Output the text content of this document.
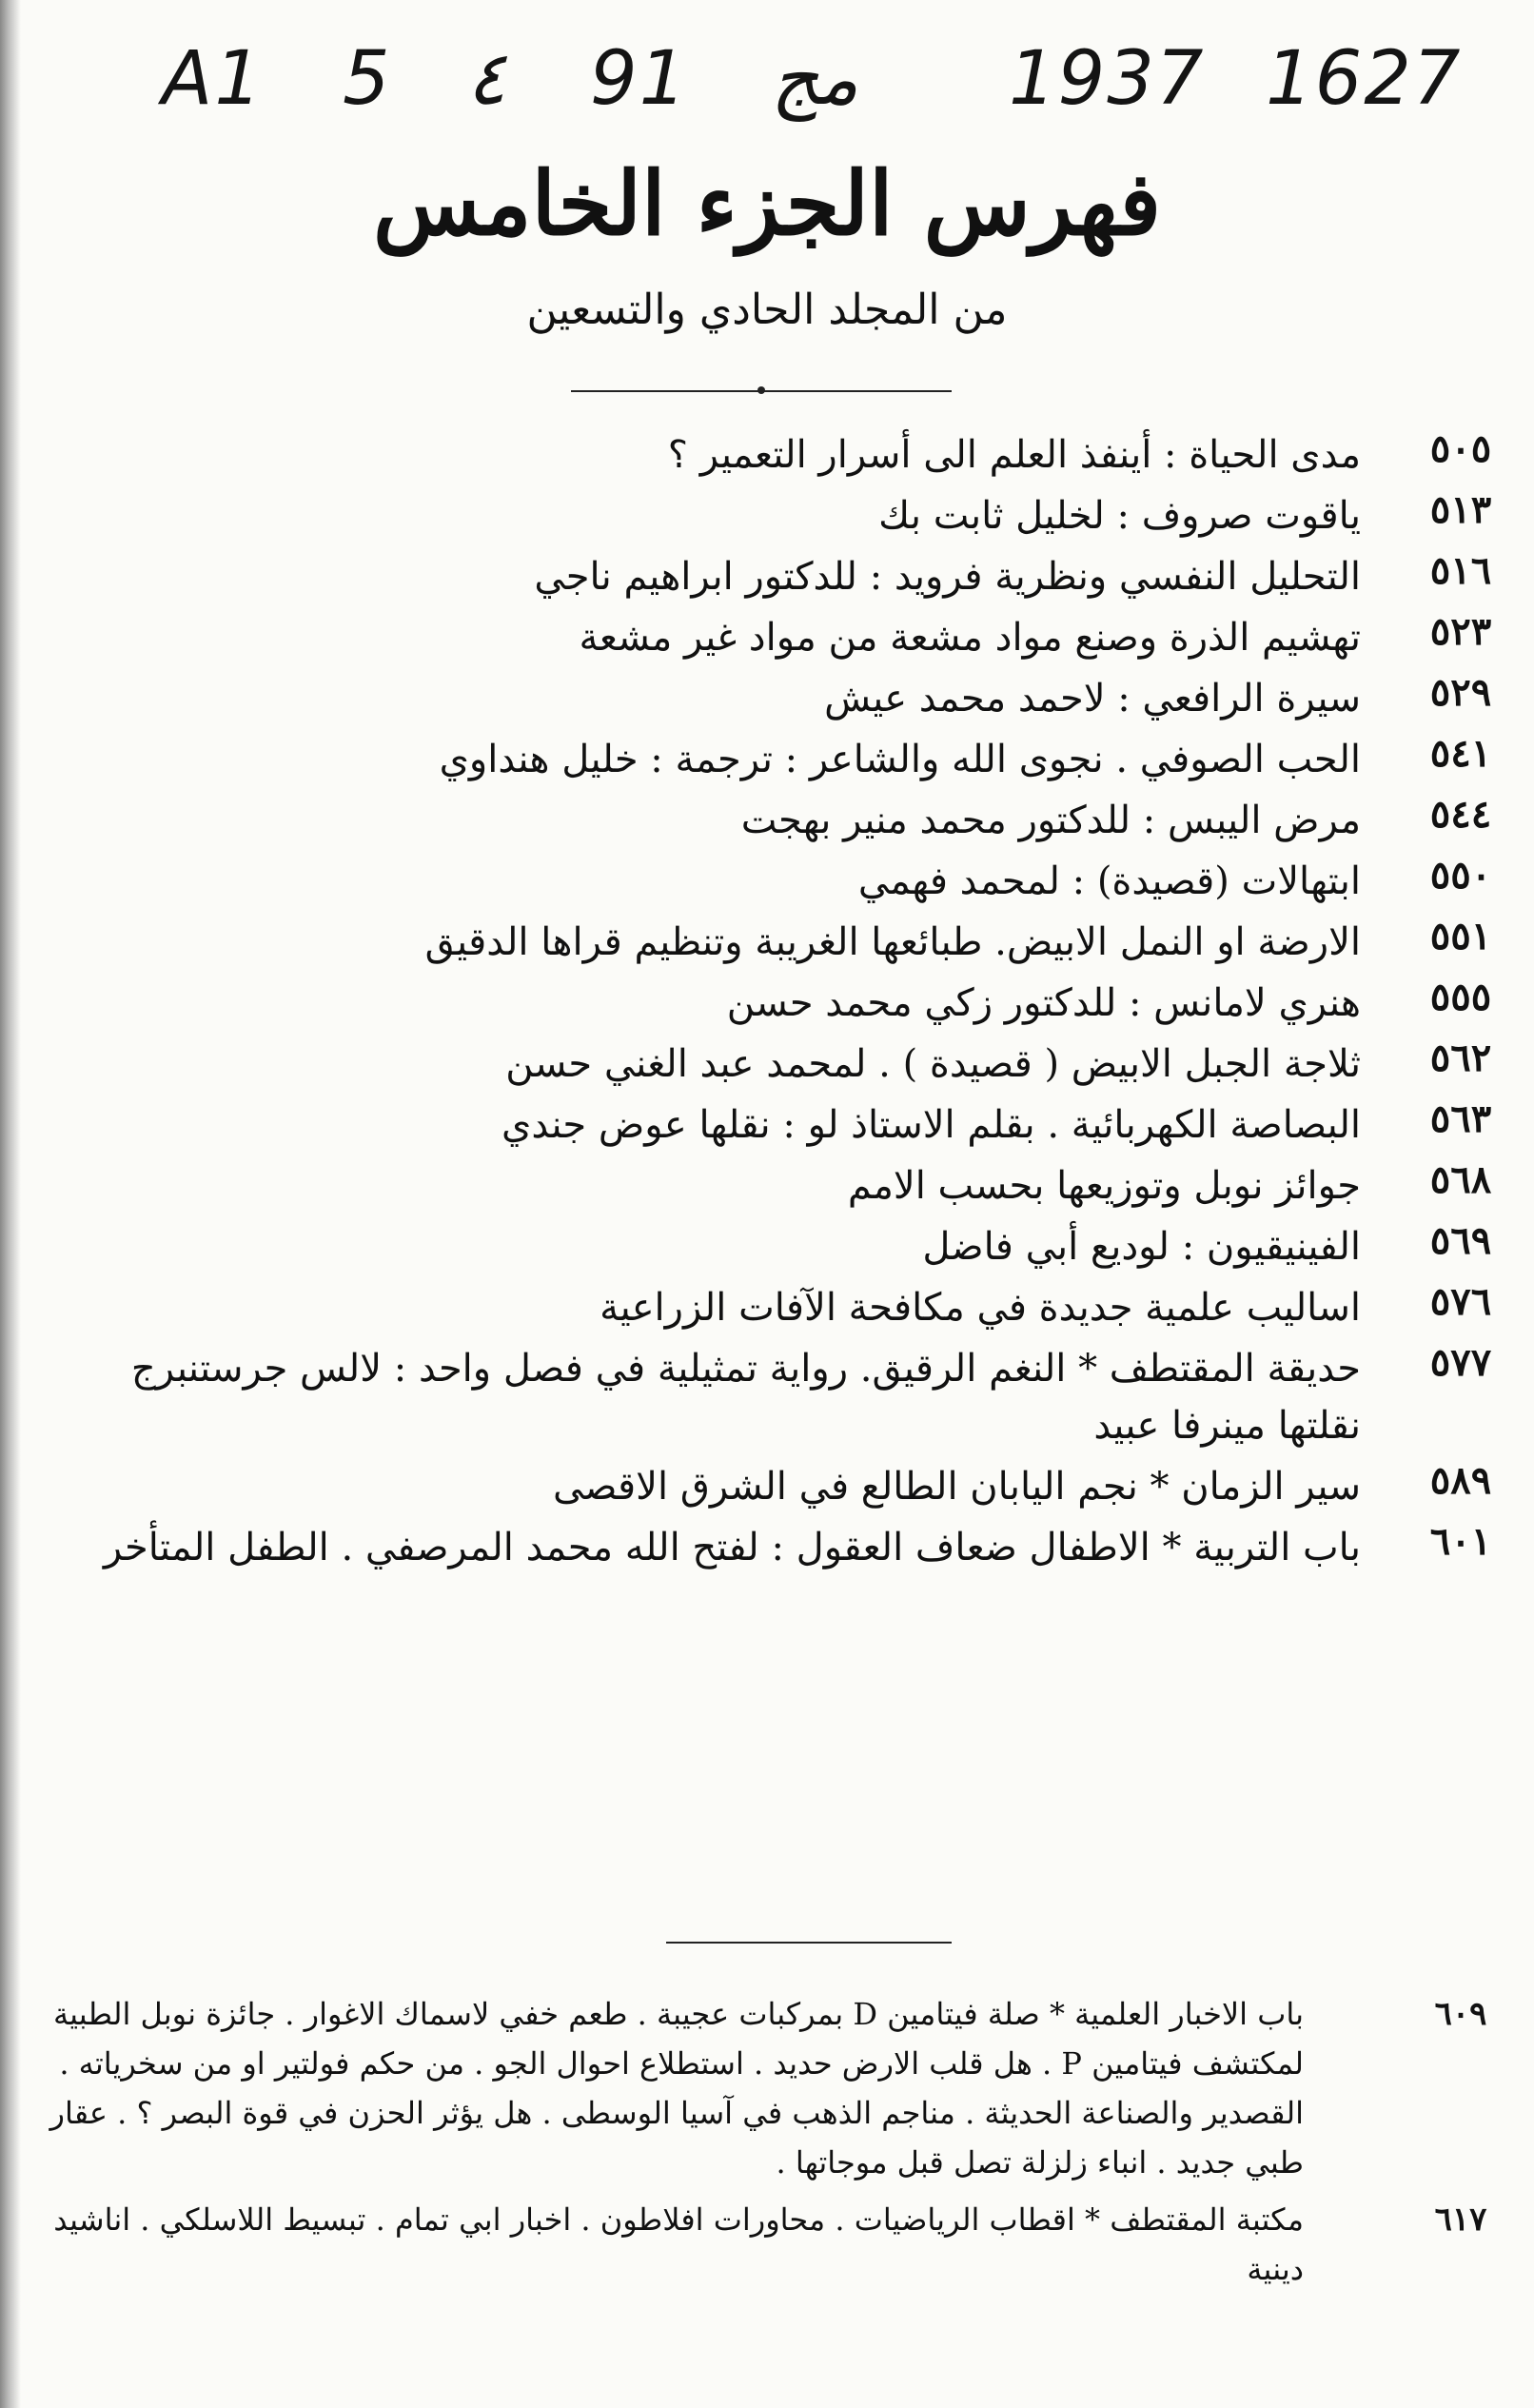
A1 5 ٤ 91 مج 1937 1627
فهرس الجزء الخامس
من المجلد الحادي والتسعين
٥٠٥
مدى الحياة : أينفذ العلم الى أسرار التعمير ؟
٥١٣
ياقوت صروف : لخليل ثابت بك
٥١٦
التحليل النفسي ونظرية فرويد : للدكتور ابراهيم ناجي
٥٢٣
تهشيم الذرة وصنع مواد مشعة من مواد غير مشعة
٥٢٩
سيرة الرافعي : لاحمد محمد عيش
٥٤١
الحب الصوفي . نجوى الله والشاعر : ترجمة : خليل هنداوي
٥٤٤
مرض اليبس : للدكتور محمد منير بهجت
٥٥٠
ابتهالات (قصيدة) : لمحمد فهمي
٥٥١
الارضة او النمل الابيض. طبائعها الغريبة وتنظيم قراها الدقيق
٥٥٥
هنري لامانس : للدكتور زكي محمد حسن
٥٦٢
ثلاجة الجبل الابيض ( قصيدة ) . لمحمد عبد الغني حسن
٥٦٣
البصاصة الكهربائية . بقلم الاستاذ لو : نقلها عوض جندي
٥٦٨
جوائز نوبل وتوزيعها بحسب الامم
٥٦٩
الفينيقيون : لوديع أبي فاضل
٥٧٦
اساليب علمية جديدة في مكافحة الآفات الزراعية
٥٧٧
حديقة المقتطف * النغم الرقيق. رواية تمثيلية في فصل واحد : لالس جرستنبرج نقلتها مينرفا عبيد
٥٨٩
سير الزمان * نجم اليابان الطالع في الشرق الاقصى
٦٠١
باب التربية * الاطفال ضعاف العقول : لفتح الله محمد المرصفي . الطفل المتأخر
٦٠٩
باب الاخبار العلمية * صلة فيتامين D بمركبات عجيبة . طعم خفي لاسماك الاغوار . جائزة نوبل الطبية لمكتشف فيتامين P . هل قلب الارض حديد . استطلاع احوال الجو . من حكم فولتير او من سخرياته . القصدير والصناعة الحديثة . مناجم الذهب في آسيا الوسطى . هل يؤثر الحزن في قوة البصر ؟ . عقار طبي جديد . انباء زلزلة تصل قبل موجاتها .
٦١٧
مكتبة المقتطف * اقطاب الرياضيات . محاورات افلاطون . اخبار ابي تمام . تبسيط اللاسلكي . اناشيد دينية
